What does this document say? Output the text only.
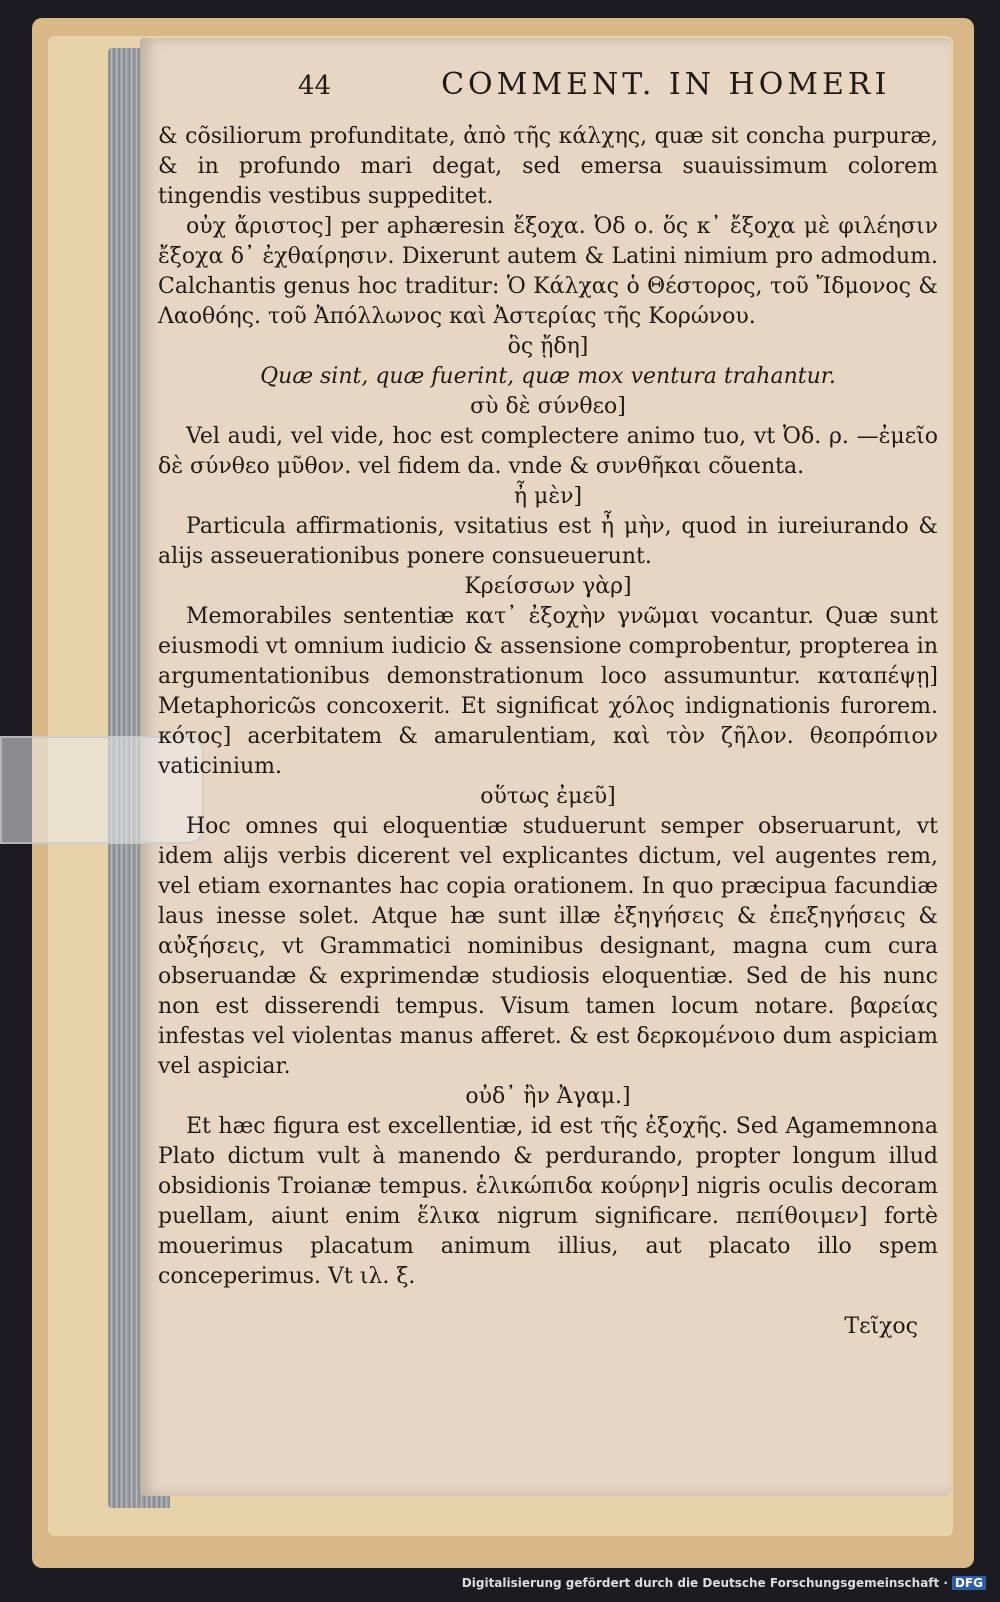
44	COMMENT. IN HOMERI

& cõsiliorum profunditate, ἀπὸ τῆς κάλχης, quæ sit concha purpuræ, & in profundo mari degat, sed emersa suauissimum colorem tingendis vestibus suppeditet.

οὐχ ἄριστος] per aphæresin ἔξοχα. Ὀδ ο. ὅς κ᾽ ἔξοχα μὲ φιλέησιν ἔξοχα δ᾽ ἐχθαίρησιν. Dixerunt autem & Latini nimium pro admodum. Calchantis genus hoc traditur: Ὁ Κάλχας ὁ Θέστορος, τοῦ Ἴδμονος & Λαοθόης. τοῦ Ἀπόλλωνος καὶ Ἀστερίας τῆς Κορώνου.

ὃς ᾔδη]

Quæ sint, quæ fuerint, quæ mox ventura trahantur.

σὺ δὲ σύνθεο]

Vel audi, vel vide, hoc est complectere animo tuo, vt Ὀδ. ρ. —ἐμεῖο δὲ σύνθεο μῦθον. vel fidem da. vnde & συνθῆκαι cõuenta.

ἦ μὲν]

Particula affirmationis, vsitatius est ἦ μὴν, quod in iureiurando & alijs asseuerationibus ponere consueuerunt.

Κρείσσων γὰρ]

Memorabiles sententiæ κατ᾽ ἐξοχὴν γνῶμαι vocantur. Quæ sunt eiusmodi vt omnium iudicio & assensione comprobentur, propterea in argumentationibus demonstrationum loco assumuntur. καταπέψῃ] Metaphoricῶs concoxerit. Et significat χόλος indignationis furorem. κότος] acerbitatem & amarulentiam, καὶ τὸν ζῆλον. θεοπρόπιον vaticinium.

οὕτως ἐμεῦ]

Hoc omnes qui eloquentiæ studuerunt semper obseruarunt, vt idem alijs verbis dicerent vel explicantes dictum, vel augentes rem, vel etiam exornantes hac copia orationem. In quo præcipua facundiæ laus inesse solet. Atque hæ sunt illæ ἐξηγήσεις & ἐπεξηγήσεις & αὐξήσεις, vt Grammatici nominibus designant, magna cum cura obseruandæ & exprimendæ studiosis eloquentiæ. Sed de his nunc non est disserendi tempus. Visum tamen locum notare. βαρείας infestas vel violentas manus afferet. & est δερκομένοιο dum aspiciam vel aspiciar.

οὐδ᾽ ἢν Ἀγαμ.]

Et hæc figura est excellentiæ, id est τῆς ἐξοχῆς. Sed Agamemnona Plato dictum vult à manendo & perdurando, propter longum illud obsidionis Troianæ tempus. ἑλικώπιδα κούρην] nigris oculis decoram puellam, aiunt enim ἕλικα nigrum significare. πεπίθοιμεν] fortè mouerimus placatum animum illius, aut placato illo spem conceperimus. Vt ιλ. ξ.

Τεῖχος
Digitalisierung gefördert durch die Deutsche Forschungsgemeinschaft · DFG
